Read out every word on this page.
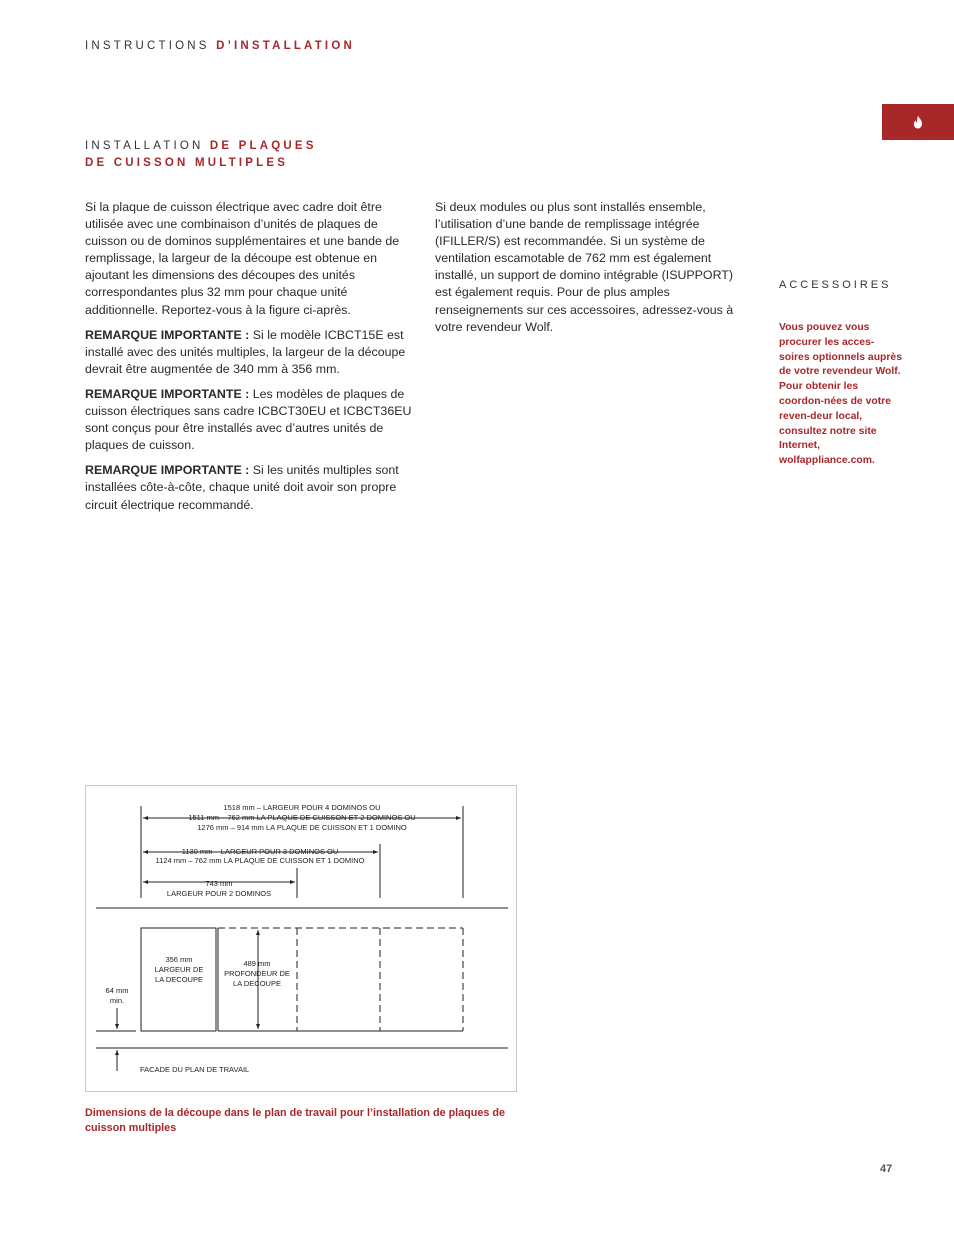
INSTRUCTIONS D’INSTALLATION
INSTALLATION DE PLAQUES
DE CUISSON MULTIPLES

Si la plaque de cuisson électrique avec cadre doit être utilisée avec une combinaison d’unités de plaques de cuisson ou de dominos supplémentaires et une bande de remplissage, la largeur de la découpe est obtenue en ajoutant les dimensions des découpes des unités correspondantes plus 32 mm pour chaque unité additionnelle. Reportez-vous à la figure ci-après.

REMARQUE IMPORTANTE : Si le modèle ICBCT15E est installé avec des unités multiples, la largeur de la découpe devrait être augmentée de 340 mm à 356 mm.

REMARQUE IMPORTANTE : Les modèles de plaques de cuisson électriques sans cadre ICBCT30EU et ICBCT36EU sont conçus pour être installés avec d’autres unités de plaques de cuisson.

REMARQUE IMPORTANTE : Si les unités multiples sont installées côte-à-côte, chaque unité doit avoir son propre circuit électrique recommandé.

Si deux modules ou plus sont installés ensemble, l’utilisation d’une bande de remplissage intégrée (IFILLER/S) est recommandée. Si un système de ventilation escamotable de 762 mm est également installé, un support de domino intégrable (ISUPPORT) est également requis. Pour de plus amples renseignements sur ces accessoires, adressez-vous à votre revendeur Wolf.

ACCESSOIRES
Vous pouvez vous procurer les acces-soires optionnels auprès de votre revendeur Wolf. Pour obtenir les coordon-nées de votre reven-deur local, consultez notre site Internet, wolfappliance.com.
1518 mm – LARGEUR POUR 4 DOMINOS OU
1511 mm – 762 mm LA PLAQUE DE CUISSON ET 2 DOMINOS OU
1276 mm – 914 mm LA PLAQUE DE CUISSON ET 1 DOMINO
1130 mm – LARGEUR POUR 3 DOMINOS OU
1124 mm – 762 mm LA PLAQUE DE CUISSON ET 1 DOMINO
743 mm
LARGEUR POUR 2 DOMINOS
356 mm
LARGEUR DE
LA DECOUPE
489 mm
PROFONDEUR DE
LA DECOUPE
64 mm
min.
FACADE DU PLAN DE TRAVAIL
Dimensions de la découpe dans le plan de travail pour l’installation de plaques de cuisson multiples
47
